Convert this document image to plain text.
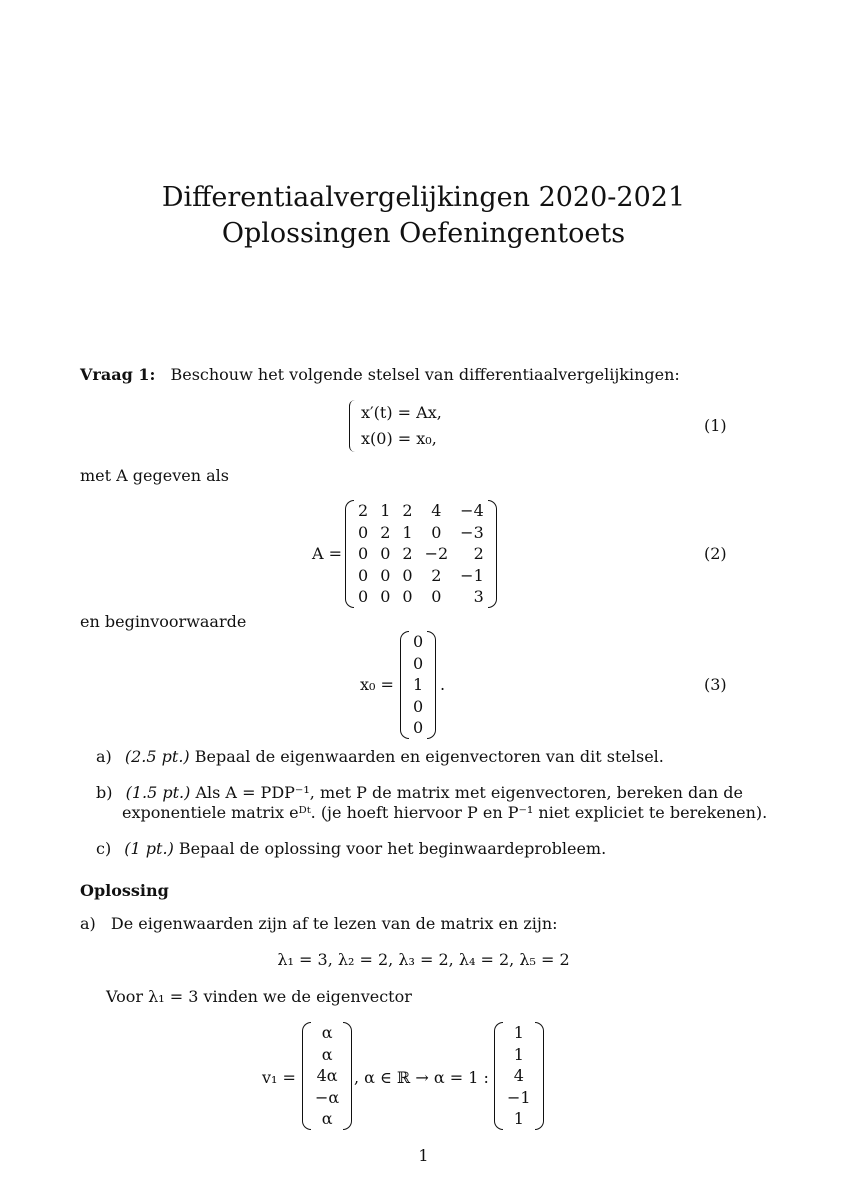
Differentiaalvergelijkingen 2020-2021
Oplossingen Oefeningentoets
Vraag 1: Beschouw het volgende stelsel van differentiaalvergelijkingen:
x′(t) = Ax,
x(0) = x₀,
(1)
met A gegeven als
A =
2	1	2	4	−4
0	2	1	0	−3
0	0	2	−2	2
0	0	0	2	−1
0	0	0	0	3
(2)
en beginvoorwaarde
x₀ =
0
0
1
0
0
.	(3)
a) (2.5 pt.) Bepaal de eigenwaarden en eigenvectoren van dit stelsel.
b) (1.5 pt.) Als A = PDP⁻¹, met P de matrix met eigenvectoren, bereken dan de
exponentiele matrix eᴰᵗ. (je hoeft hiervoor P en P⁻¹ niet expliciet te berekenen).
c) (1 pt.) Bepaal de oplossing voor het beginwaardeprobleem.
Oplossing
a) De eigenwaarden zijn af te lezen van de matrix en zijn:
λ₁ = 3, λ₂ = 2, λ₃ = 2, λ₄ = 2, λ₅ = 2
Voor λ₁ = 3 vinden we de eigenvector
v₁ =
α
α
4α
−α
α
, α ∈ ℝ → α = 1 :
1
1
4
−1
1
1
